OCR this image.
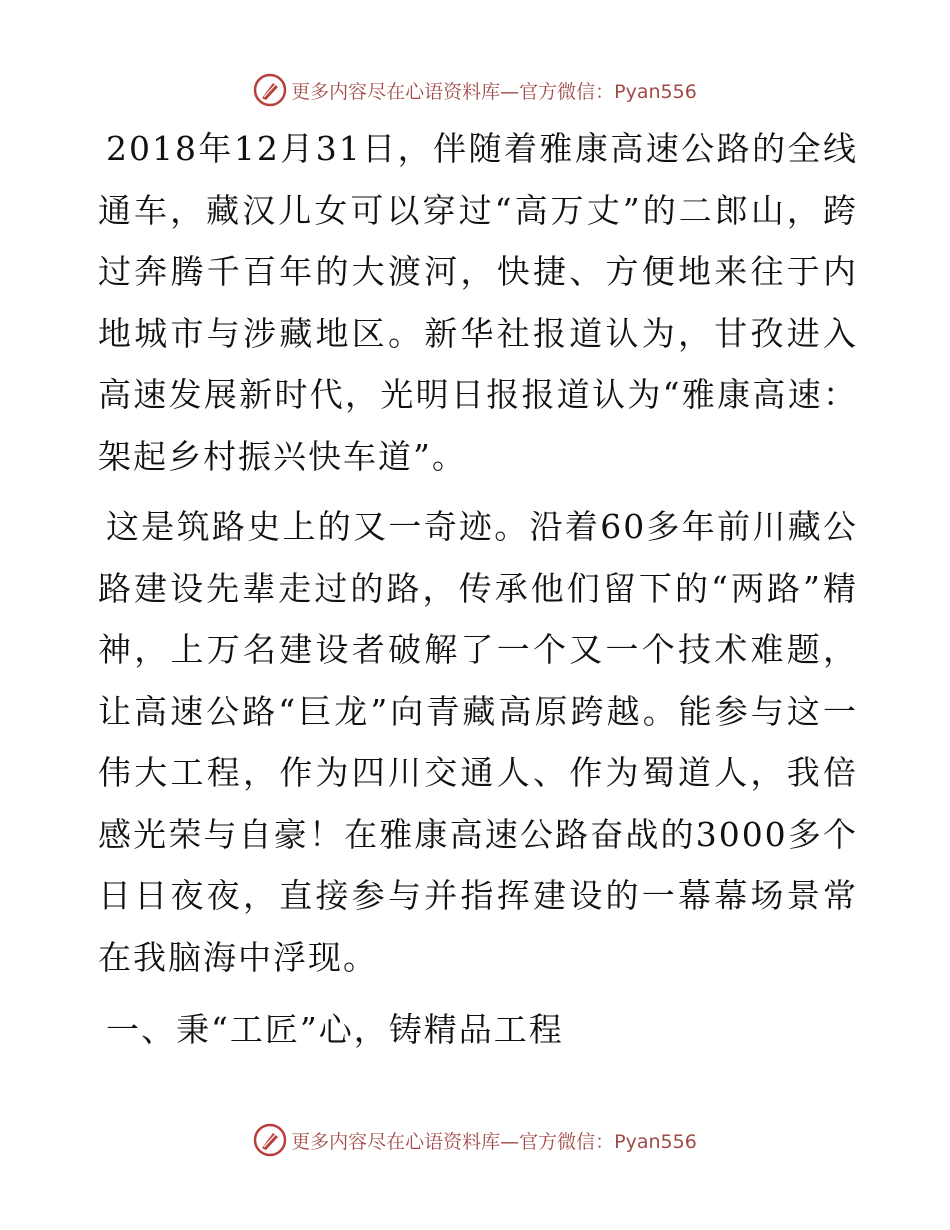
更多内容尽在心语资料库—官方微信：Pyan556

2018年12月31日，伴随着雅康高速公路的全线通车，藏汉儿女可以穿过“高万丈”的二郎山，跨过奔腾千百年的大渡河，快捷、方便地来往于内地城市与涉藏地区。新华社报道认为，甘孜进入高速发展新时代，光明日报报道认为“雅康高速：架起乡村振兴快车道”。

这是筑路史上的又一奇迹。沿着60多年前川藏公路建设先辈走过的路，传承他们留下的“两路”精神，上万名建设者破解了一个又一个技术难题，让高速公路“巨龙”向青藏高原跨越。能参与这一伟大工程，作为四川交通人、作为蜀道人，我倍感光荣与自豪！在雅康高速公路奋战的3000多个日日夜夜，直接参与并指挥建设的一幕幕场景常在我脑海中浮现。

一、秉“工匠”心，铸精品工程
更多内容尽在心语资料库—官方微信：Pyan556
